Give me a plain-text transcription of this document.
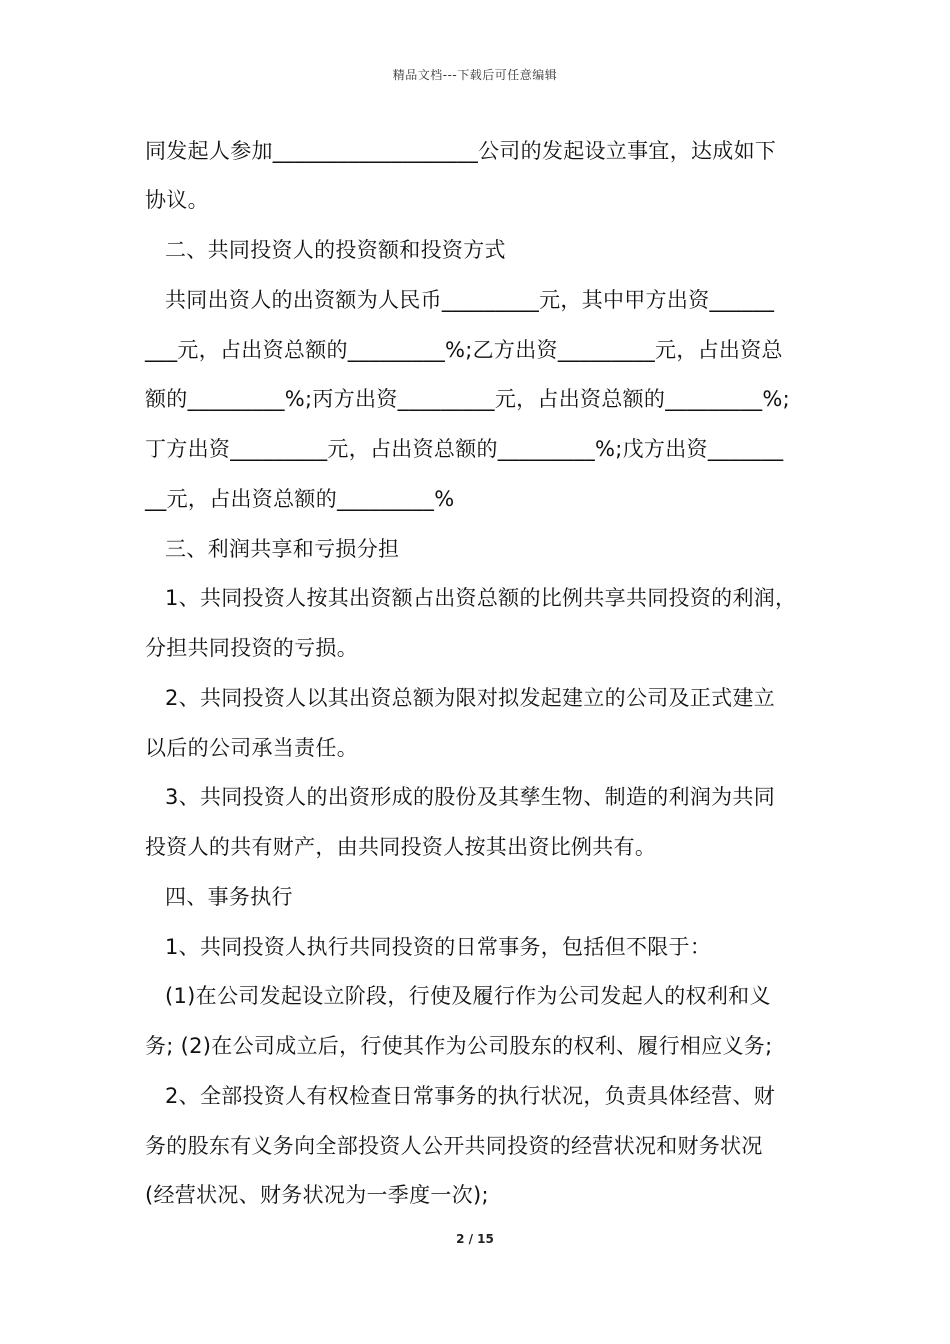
精品文档---下载后可任意编辑
同发起人参加___________________公司的发起设立事宜，达成如下
协议。
二、共同投资人的投资额和投资方式
共同出资人的出资额为人民币_________元，其中甲方出资______
___元，占出资总额的_________%;乙方出资_________元，占出资总
额的_________%;丙方出资_________元，占出资总额的_________%;
丁方出资_________元，占出资总额的_________%;戊方出资_______
__元，占出资总额的_________%
三、利润共享和亏损分担
1、共同投资人按其出资额占出资总额的比例共享共同投资的利润，
分担共同投资的亏损。
2、共同投资人以其出资总额为限对拟发起建立的公司及正式建立
以后的公司承当责任。
3、共同投资人的出资形成的股份及其孳生物、制造的利润为共同
投资人的共有财产，由共同投资人按其出资比例共有。
四、事务执行
1、共同投资人执行共同投资的日常事务，包括但不限于：
(1)在公司发起设立阶段，行使及履行作为公司发起人的权利和义
务; (2)在公司成立后，行使其作为公司股东的权利、履行相应义务;
2、全部投资人有权检查日常事务的执行状况，负责具体经营、财
务的股东有义务向全部投资人公开共同投资的经营状况和财务状况
(经营状况、财务状况为一季度一次);
2 / 15
